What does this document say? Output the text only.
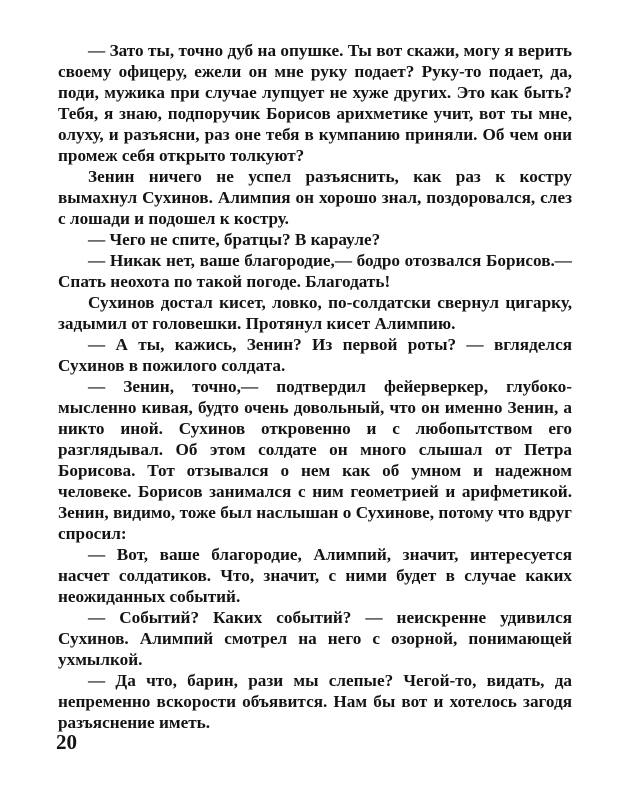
— Зато ты, точно дуб на опушке. Ты вот скажи, могу я верить своему офицеру, ежели он мне руку подает? Руку-то подает, да, поди, мужика при случае лупцует не хуже других. Это как быть? Тебя, я знаю, подпоручик Борисов арихметике учит, вот ты мне, олуху, и разъясни, раз оне тебя в кумпанию приняли. Об чем они промеж себя открыто толкуют?

Зенин ничего не успел разъяснить, как раз к костру вымахнул Сухинов. Алимпия он хорошо знал, поздоровался, слез с лошади и подошел к костру.

— Чего не спите, братцы? В карауле?

— Никак нет, ваше благородие,— бодро отозвался Борисов.— Спать неохота по такой погоде. Благодать!

Сухинов достал кисет, ловко, по-солдатски свернул цигарку, задымил от головешки. Протянул кисет Алимпию.

— А ты, кажись, Зенин? Из первой роты? — вгляделся Сухинов в пожилого солдата.

— Зенин, точно,— подтвердил фейерверкер, глубокомысленно кивая, будто очень довольный, что он именно Зенин, а никто иной. Сухинов откровенно и с любопытством его разглядывал. Об этом солдате он много слышал от Петра Борисова. Тот отзывался о нем как об умном и надежном человеке. Борисов занимался с ним геометрией и арифметикой. Зенин, видимо, тоже был наслышан о Сухинове, потому что вдруг спросил:

— Вот, ваше благородие, Алимпий, значит, интересуется насчет солдатиков. Что, значит, с ними будет в случае каких неожиданных событий.

— Событий? Каких событий? — неискренне удивился Сухинов. Алимпий смотрел на него с озорной, понимающей ухмылкой.

— Да что, барин, рази мы слепые? Чегой-то, видать, да непременно вскорости объявится. Нам бы вот и хотелось загодя разъяснение иметь.

20
